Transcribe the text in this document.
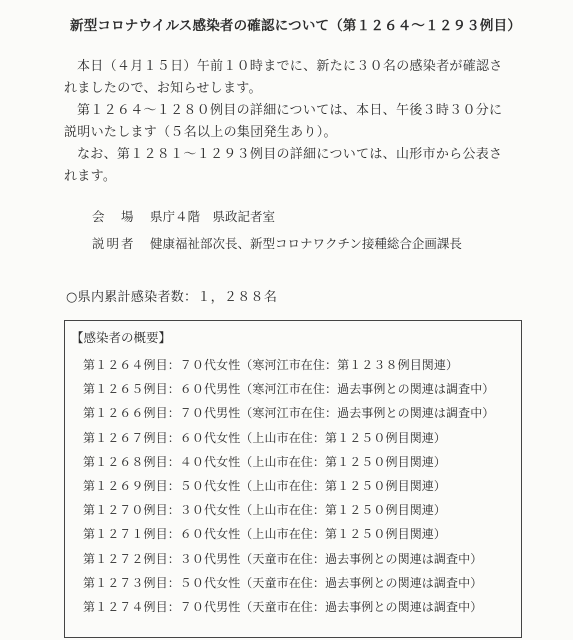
新型コロナウイルス感染者の確認について（第１２６４～１２９３例目）
本日（４月１５日）午前１０時までに、新たに３０名の感染者が確認されましたので、お知らせします。
第１２６４～１２８０例目の詳細については、本日、午後３時３０分に説明いたします（５名以上の集団発生あり）。
なお、第１２８１～１２９３例目の詳細については、山形市から公表されます。
会　場 県庁４階　県政記者室
説明者 健康福祉部次長、新型コロナワクチン接種総合企画課長
○県内累計感染者数：１，２８８名
【感染者の概要】
第１２６４例目：７０代女性（寒河江市在住：第１２３８例目関連）
第１２６５例目：６０代男性（寒河江市在住：過去事例との関連は調査中）
第１２６６例目：７０代男性（寒河江市在住：過去事例との関連は調査中）
第１２６７例目：６０代女性（上山市在住：第１２５０例目関連）
第１２６８例目：４０代女性（上山市在住：第１２５０例目関連）
第１２６９例目：５０代女性（上山市在住：第１２５０例目関連）
第１２７０例目：３０代女性（上山市在住：第１２５０例目関連）
第１２７１例目：６０代女性（上山市在住：第１２５０例目関連）
第１２７２例目：３０代男性（天童市在住：過去事例との関連は調査中）
第１２７３例目：５０代女性（天童市在住：過去事例との関連は調査中）
第１２７４例目：７０代男性（天童市在住：過去事例との関連は調査中）
